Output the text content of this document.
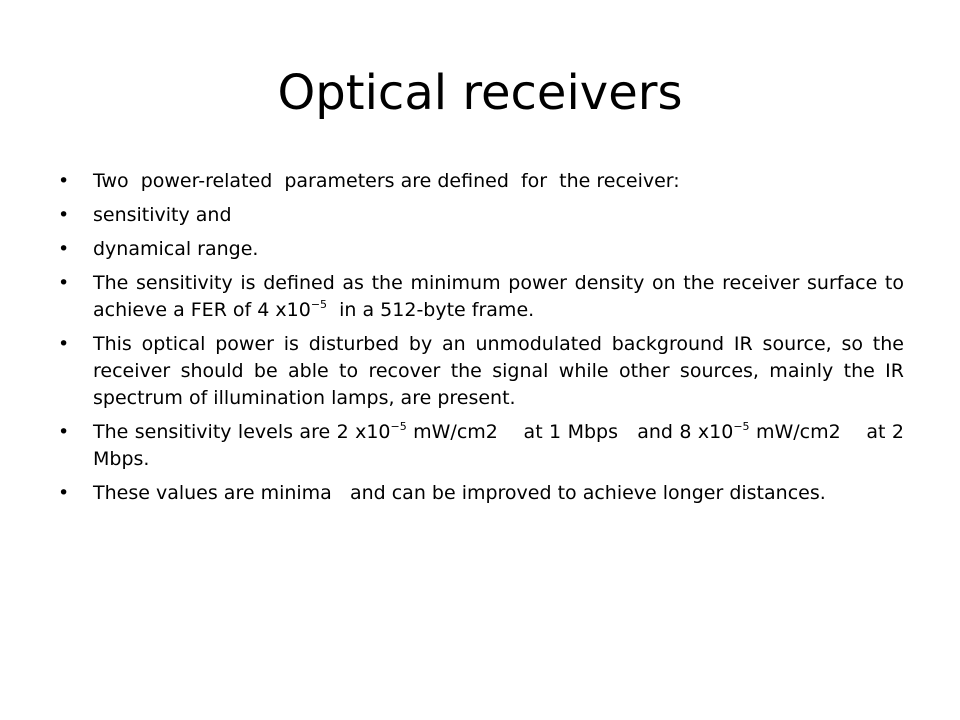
Optical receivers
• Two  power-related  parameters are defined  for  the receiver:
• sensitivity and
• dynamical range.
• The sensitivity is defined as the minimum power density on the receiver surface to achieve a FER of 4 $x10^{-5}$  in a 512-byte frame.
• This optical power is disturbed by an unmodulated background IR source, so the receiver should be able to recover the signal while other sources, mainly the IR spectrum of illumination lamps, are present.
• The sensitivity levels are 2 $x10^{-5}$ mW/cm2    at 1 Mbps   and 8 $x10^{-5}$ mW/cm2    at 2 Mbps.
• These values are minima   and can be improved to achieve longer distances.
